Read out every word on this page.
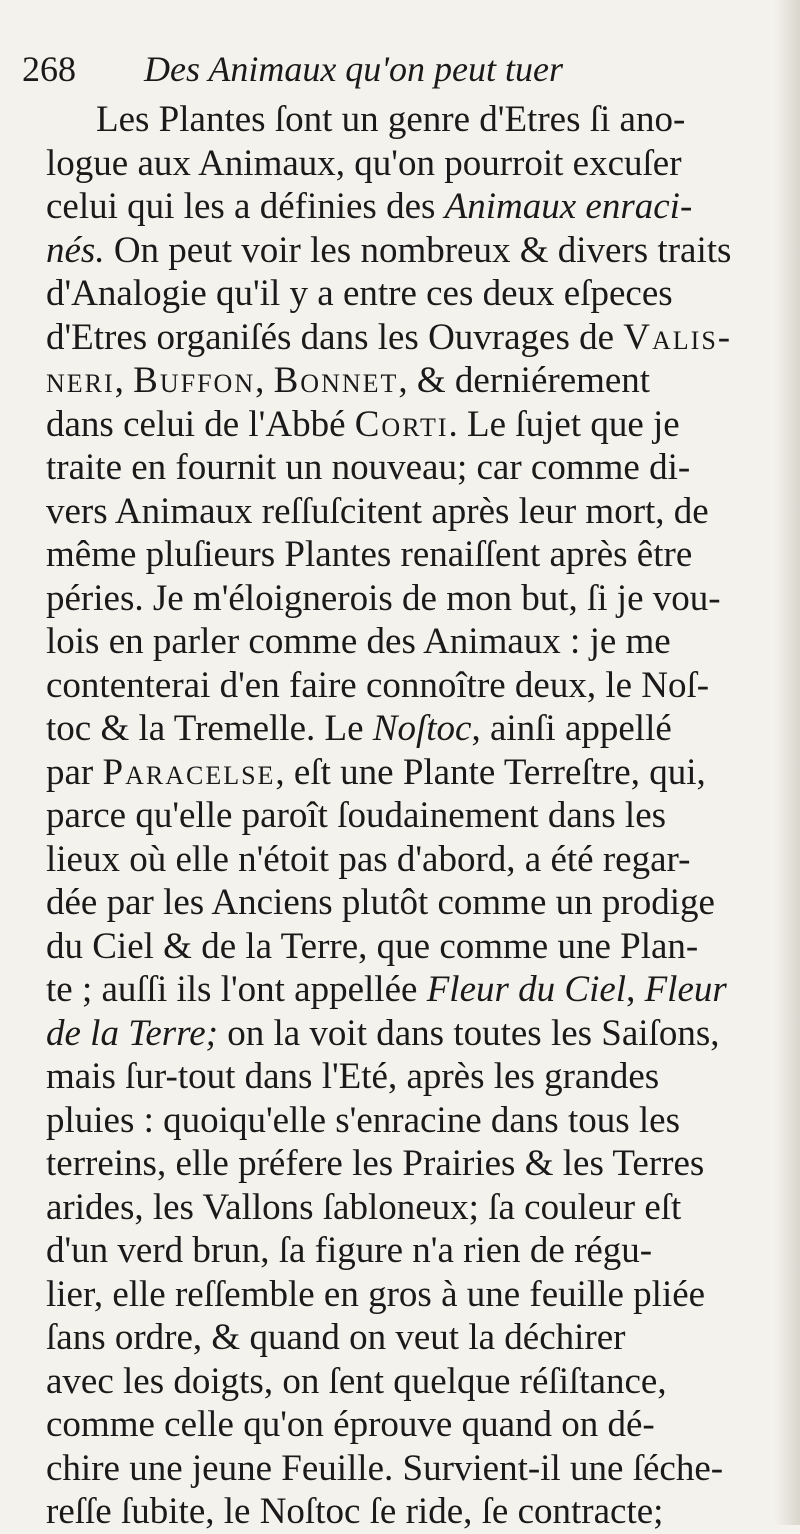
268 Des Animaux qu'on peut tuer
Les Plantes ſont un genre d'Etres ſi ano-
logue aux Animaux, qu'on pourroit excuſer
celui qui les a définies des Animaux enraci-
nés. On peut voir les nombreux & divers traits
d'Analogie qu'il y a entre ces deux eſpeces
d'Etres organiſés dans les Ouvrages de Valis-
neri, Buffon, Bonnet, & derniérement
dans celui de l'Abbé Corti. Le ſujet que je
traite en fournit un nouveau; car comme di-
vers Animaux reſſuſcitent après leur mort, de
même pluſieurs Plantes renaiſſent après être
péries. Je m'éloignerois de mon but, ſi je vou-
lois en parler comme des Animaux : je me
contenterai d'en faire connoître deux, le Noſ-
toc & la Tremelle. Le Noſtoc, ainſi appellé
par Paracelse, eſt une Plante Terreſtre, qui,
parce qu'elle paroît ſoudainement dans les
lieux où elle n'étoit pas d'abord, a été regar-
dée par les Anciens plutôt comme un prodige
du Ciel & de la Terre, que comme une Plan-
te ; auſſi ils l'ont appellée Fleur du Ciel, Fleur
de la Terre; on la voit dans toutes les Saiſons,
mais ſur-tout dans l'Eté, après les grandes
pluies : quoiqu'elle s'enracine dans tous les
terreins, elle préfere les Prairies & les Terres
arides, les Vallons ſabloneux; ſa couleur eſt
d'un verd brun, ſa figure n'a rien de régu-
lier, elle reſſemble en gros à une feuille pliée
ſans ordre, & quand on veut la déchirer
avec les doigts, on ſent quelque réſiſtance,
comme celle qu'on éprouve quand on dé-
chire une jeune Feuille. Survient-il une ſéche-
reſſe ſubite, le Noſtoc ſe ride, ſe contracte;
